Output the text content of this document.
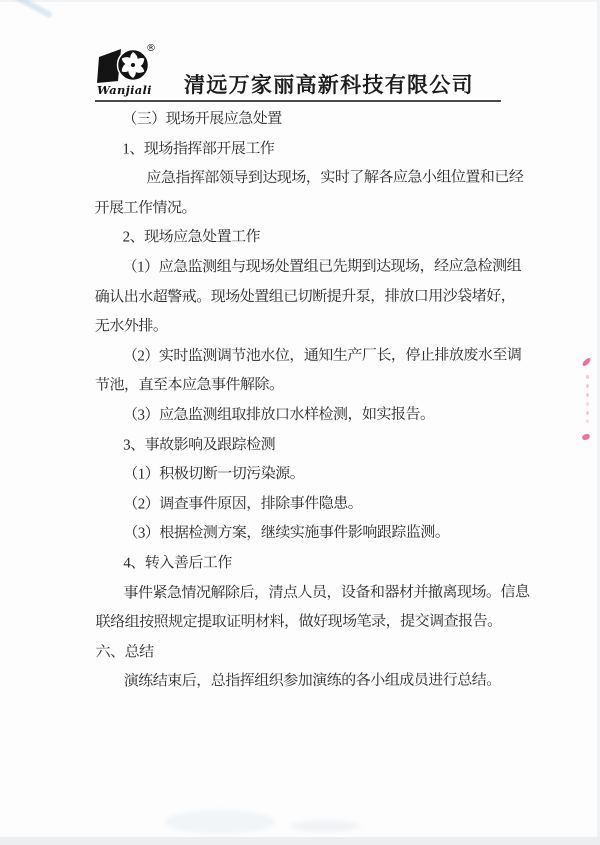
®
Wanjiali	清远万家丽高新科技有限公司
（三）现场开展应急处置
1、现场指挥部开展工作
应急指挥部领导到达现场，实时了解各应急小组位置和已经
开展工作情况。
2、现场应急处置工作
（1）应急监测组与现场处置组已先期到达现场，经应急检测组
确认出水超警戒。现场处置组已切断提升泵，排放口用沙袋堵好，
无水外排。
（2）实时监测调节池水位，通知生产厂长，停止排放废水至调
节池，直至本应急事件解除。
（3）应急监测组取排放口水样检测，如实报告。
3、事故影响及跟踪检测
（1）积极切断一切污染源。
（2）调查事件原因，排除事件隐患。
（3）根据检测方案，继续实施事件影响跟踪监测。
4、转入善后工作
事件紧急情况解除后，清点人员，设备和器材并撤离现场。信息
联络组按照规定提取证明材料，做好现场笔录，提交调查报告。
六、总结
演练结束后，总指挥组织参加演练的各小组成员进行总结。
